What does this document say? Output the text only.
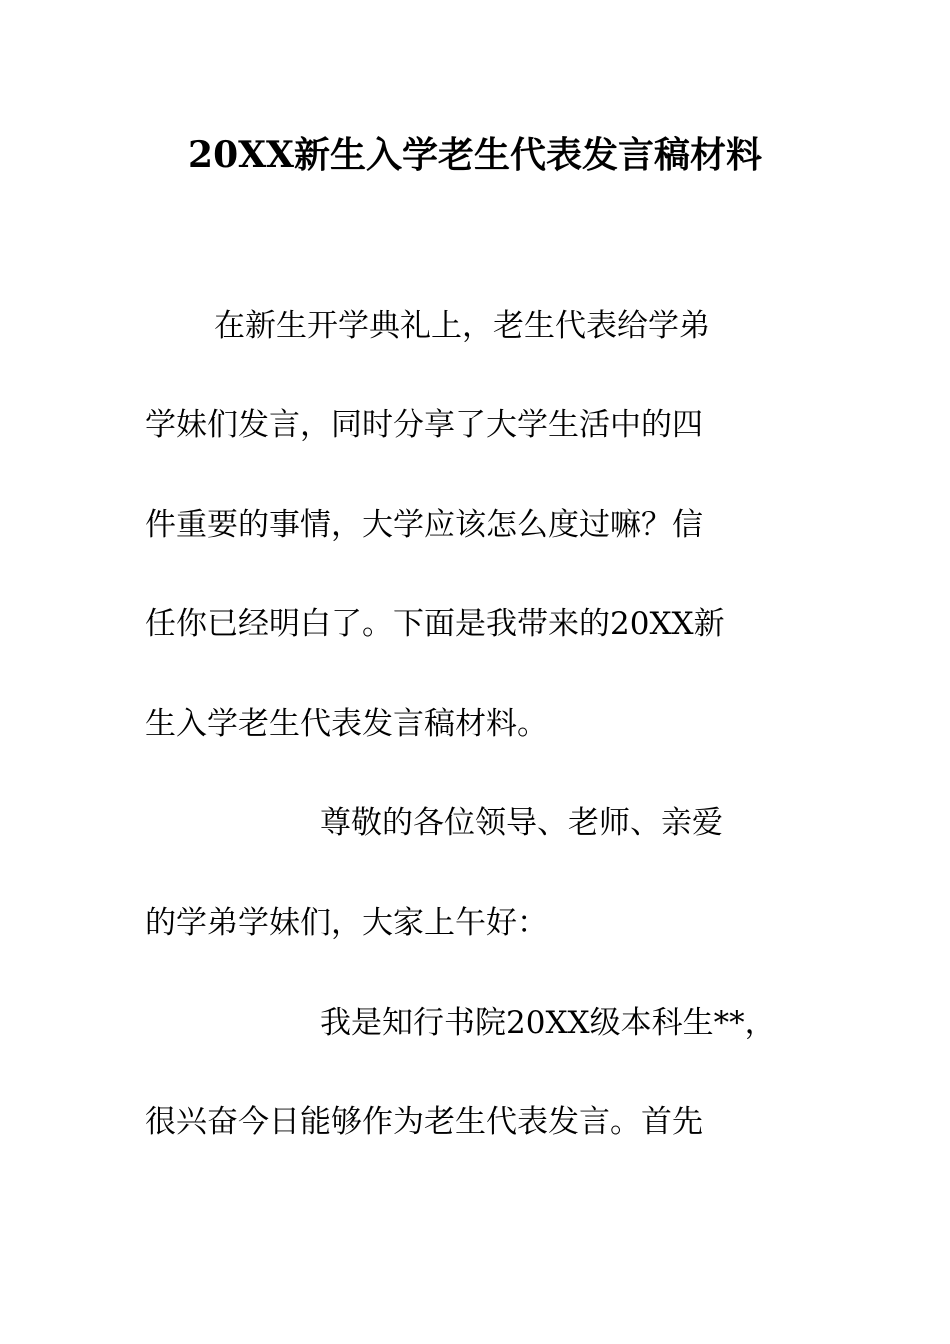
20XX新生入学老生代表发言稿材料
在新生开学典礼上，老生代表给学弟
学妹们发言，同时分享了大学生活中的四
件重要的事情，大学应该怎么度过嘛？信
任你已经明白了。下面是我带来的20XX新
生入学老生代表发言稿材料。
尊敬的各位领导、老师、亲爱
的学弟学妹们，大家上午好：
我是知行书院20XX级本科生**，
很兴奋今日能够作为老生代表发言。首先
